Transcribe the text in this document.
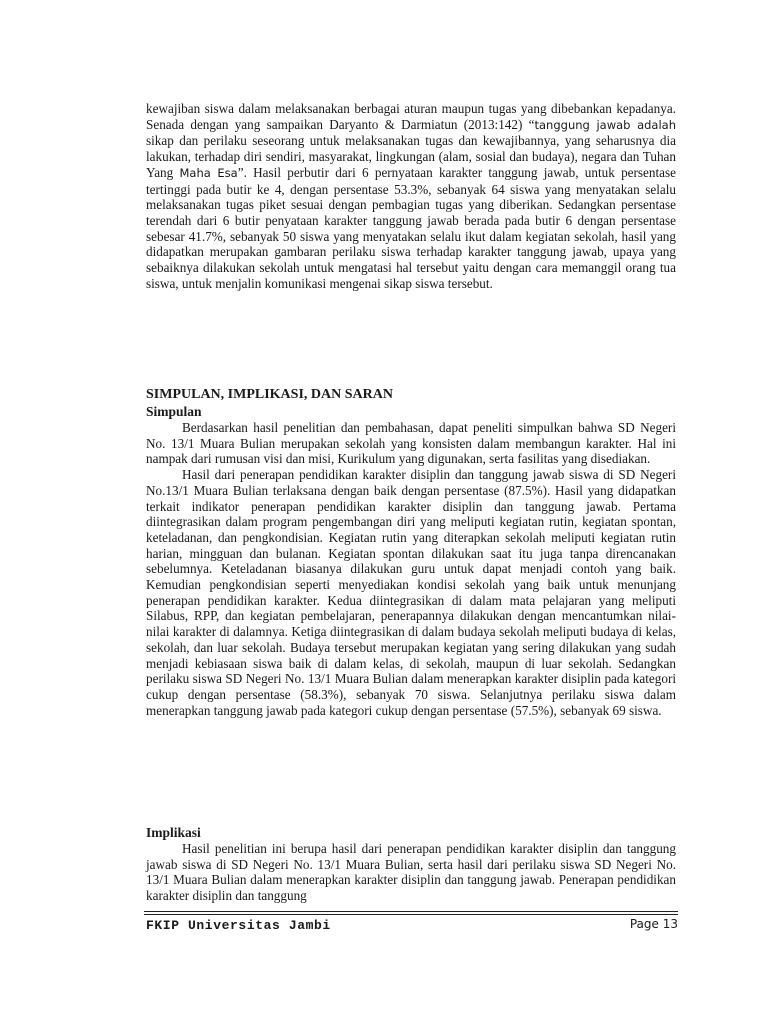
kewajiban siswa dalam melaksanakan berbagai aturan maupun tugas yang dibebankan kepadanya. Senada dengan yang sampaikan Daryanto & Darmiatun (2013:142) “tanggung jawab adalah sikap dan perilaku seseorang untuk melaksanakan tugas dan kewajibannya, yang seharusnya dia lakukan, terhadap diri sendiri, masyarakat, lingkungan (alam, sosial dan budaya), negara dan Tuhan Yang Maha Esa”. Hasil perbutir dari 6 pernyataan karakter tanggung jawab, untuk persentase tertinggi pada butir ke 4, dengan persentase 53.3%, sebanyak 64 siswa yang menyatakan selalu melaksanakan tugas piket sesuai dengan pembagian tugas yang diberikan. Sedangkan persentase terendah dari 6 butir penyataan karakter tanggung jawab berada pada butir 6 dengan persentase sebesar 41.7%, sebanyak 50 siswa yang menyatakan selalu ikut dalam kegiatan sekolah, hasil yang didapatkan merupakan gambaran perilaku siswa terhadap karakter tanggung jawab, upaya yang sebaiknya dilakukan sekolah untuk mengatasi hal tersebut yaitu dengan cara memanggil orang tua siswa, untuk menjalin komunikasi mengenai sikap siswa tersebut.

SIMPULAN, IMPLIKASI, DAN SARAN
Simpulan

Berdasarkan hasil penelitian dan pembahasan, dapat peneliti simpulkan bahwa SD Negeri No. 13/1 Muara Bulian merupakan sekolah yang konsisten dalam membangun karakter. Hal ini nampak dari rumusan visi dan misi, Kurikulum yang digunakan, serta fasilitas yang disediakan.

Hasil dari penerapan pendidikan karakter disiplin dan tanggung jawab siswa di SD Negeri No.13/1 Muara Bulian terlaksana dengan baik dengan persentase (87.5%). Hasil yang didapatkan terkait indikator penerapan pendidikan karakter disiplin dan tanggung jawab. Pertama diintegrasikan dalam program pengembangan diri yang meliputi kegiatan rutin, kegiatan spontan, keteladanan, dan pengkondisian. Kegiatan rutin yang diterapkan sekolah meliputi kegiatan rutin harian, mingguan dan bulanan. Kegiatan spontan dilakukan saat itu juga tanpa direncanakan sebelumnya. Keteladanan biasanya dilakukan guru untuk dapat menjadi contoh yang baik. Kemudian pengkondisian seperti menyediakan kondisi sekolah yang baik untuk menunjang penerapan pendidikan karakter. Kedua diintegrasikan di dalam mata pelajaran yang meliputi Silabus, RPP, dan kegiatan pembelajaran, penerapannya dilakukan dengan mencantumkan nilai-nilai karakter di dalamnya. Ketiga diintegrasikan di dalam budaya sekolah meliputi budaya di kelas, sekolah, dan luar sekolah. Budaya tersebut merupakan kegiatan yang sering dilakukan yang sudah menjadi kebiasaan siswa baik di dalam kelas, di sekolah, maupun di luar sekolah. Sedangkan perilaku siswa SD Negeri No. 13/1 Muara Bulian dalam menerapkan karakter disiplin pada kategori cukup dengan persentase (58.3%), sebanyak 70 siswa. Selanjutnya perilaku siswa dalam menerapkan tanggung jawab pada kategori cukup dengan persentase (57.5%), sebanyak 69 siswa.

Implikasi

Hasil penelitian ini berupa hasil dari penerapan pendidikan karakter disiplin dan tanggung jawab siswa di SD Negeri No. 13/1 Muara Bulian, serta hasil dari perilaku siswa SD Negeri No. 13/1 Muara Bulian dalam menerapkan karakter disiplin dan tanggung jawab. Penerapan pendidikan karakter disiplin dan tanggung

FKIP Universitas Jambi	Page 13
